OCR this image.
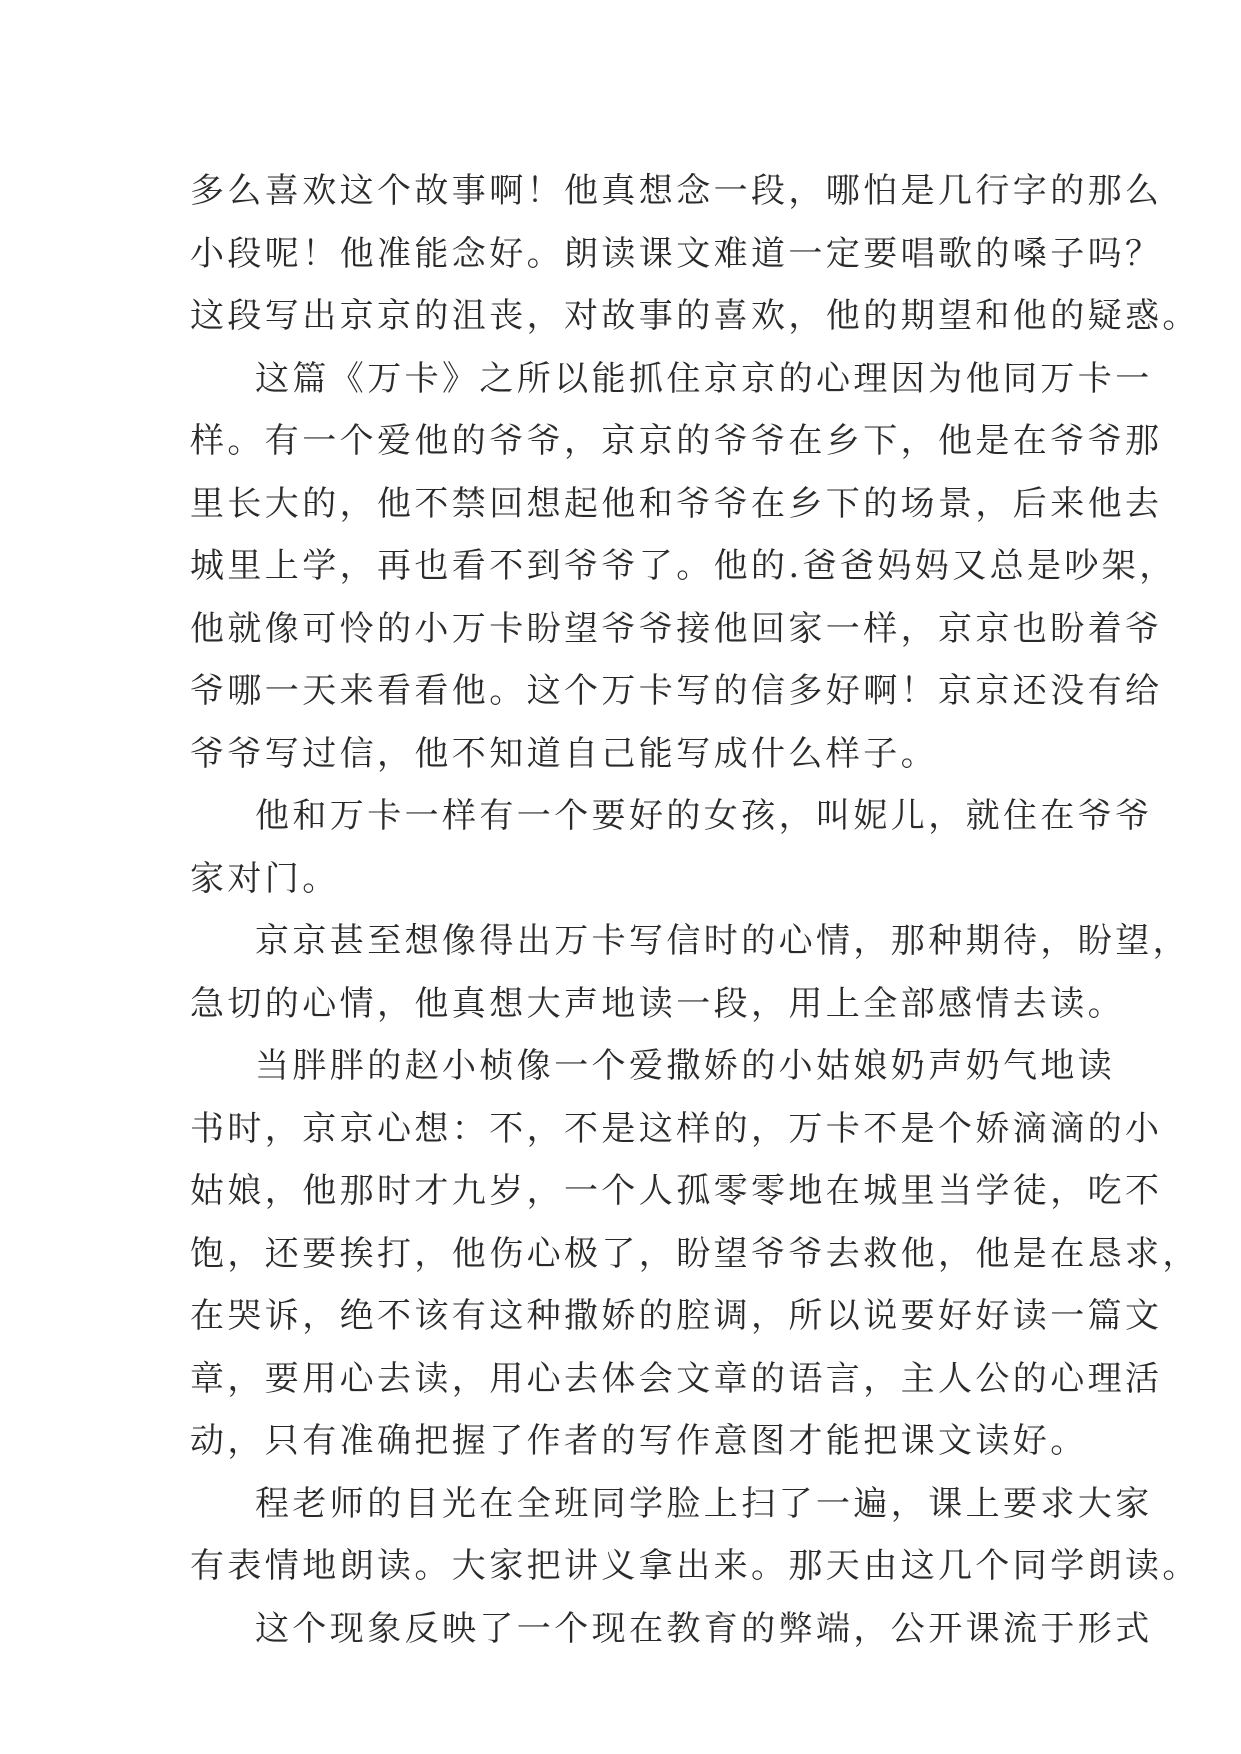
多么喜欢这个故事啊！他真想念一段，哪怕是几行字的那么
小段呢！他准能念好。朗读课文难道一定要唱歌的嗓子吗？
这段写出京京的沮丧，对故事的喜欢，他的期望和他的疑惑。
这篇《万卡》之所以能抓住京京的心理因为他同万卡一
样。有一个爱他的爷爷，京京的爷爷在乡下，他是在爷爷那
里长大的，他不禁回想起他和爷爷在乡下的场景，后来他去
城里上学，再也看不到爷爷了。他的.爸爸妈妈又总是吵架，
他就像可怜的小万卡盼望爷爷接他回家一样，京京也盼着爷
爷哪一天来看看他。这个万卡写的信多好啊！京京还没有给
爷爷写过信，他不知道自己能写成什么样子。
他和万卡一样有一个要好的女孩，叫妮儿，就住在爷爷
家对门。
京京甚至想像得出万卡写信时的心情，那种期待，盼望，
急切的心情，他真想大声地读一段，用上全部感情去读。
当胖胖的赵小桢像一个爱撒娇的小姑娘奶声奶气地读
书时，京京心想：不，不是这样的，万卡不是个娇滴滴的小
姑娘，他那时才九岁，一个人孤零零地在城里当学徒，吃不
饱，还要挨打，他伤心极了，盼望爷爷去救他，他是在恳求，
在哭诉，绝不该有这种撒娇的腔调，所以说要好好读一篇文
章，要用心去读，用心去体会文章的语言，主人公的心理活
动，只有准确把握了作者的写作意图才能把课文读好。
程老师的目光在全班同学脸上扫了一遍，课上要求大家
有表情地朗读。大家把讲义拿出来。那天由这几个同学朗读。
这个现象反映了一个现在教育的弊端，公开课流于形式
